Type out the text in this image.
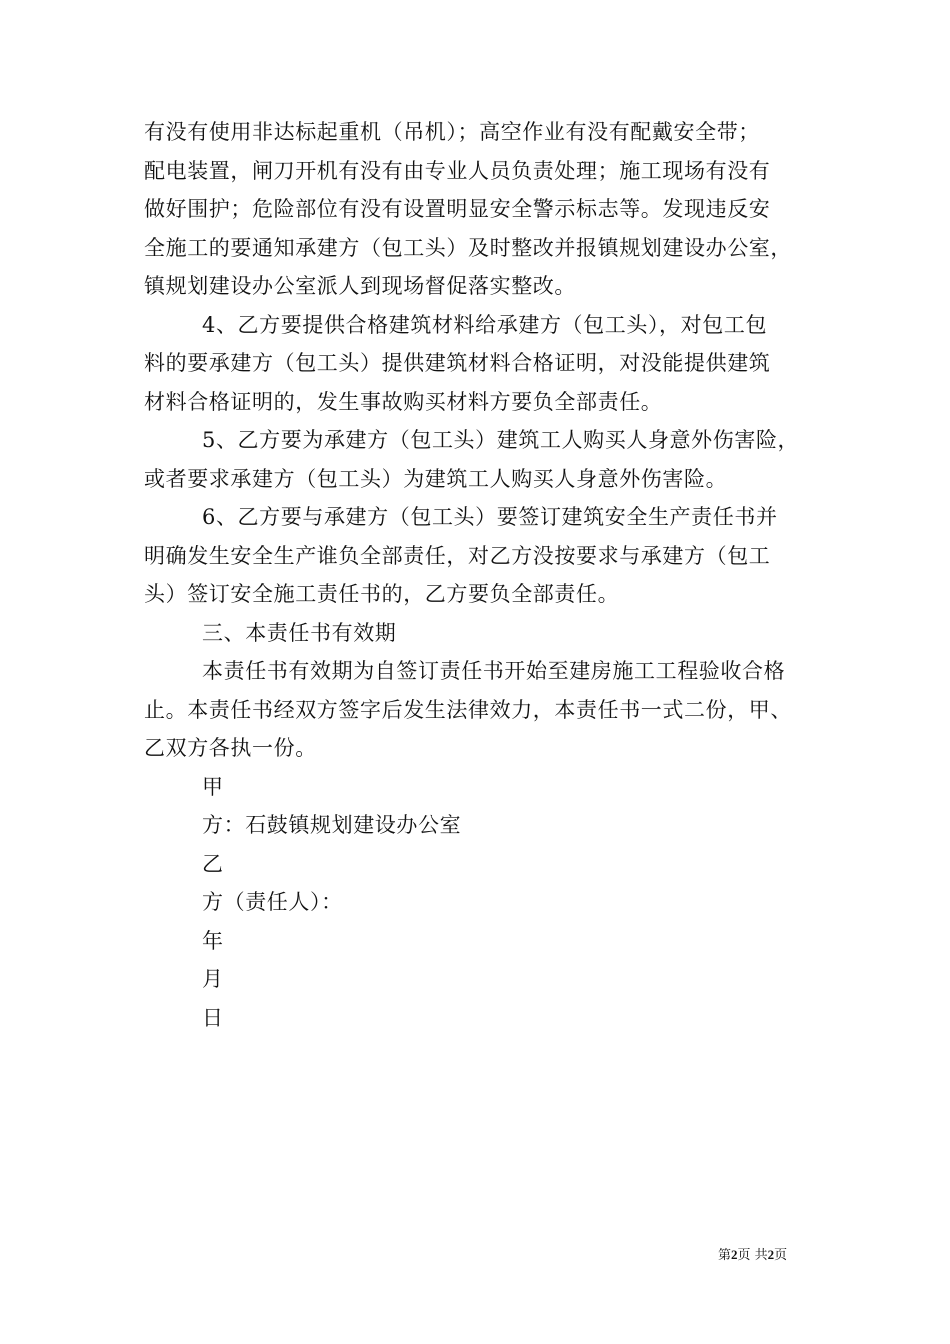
有没有使用非达标起重机（吊机）；高空作业有没有配戴安全带；
配电装置，闸刀开机有没有由专业人员负责处理；施工现场有没有
做好围护；危险部位有没有设置明显安全警示标志等。发现违反安
全施工的要通知承建方（包工头）及时整改并报镇规划建设办公室，
镇规划建设办公室派人到现场督促落实整改。
4、乙方要提供合格建筑材料给承建方（包工头），对包工包
料的要承建方（包工头）提供建筑材料合格证明，对没能提供建筑
材料合格证明的，发生事故购买材料方要负全部责任。
5、乙方要为承建方（包工头）建筑工人购买人身意外伤害险，
或者要求承建方（包工头）为建筑工人购买人身意外伤害险。
6、乙方要与承建方（包工头）要签订建筑安全生产责任书并
明确发生安全生产谁负全部责任，对乙方没按要求与承建方（包工
头）签订安全施工责任书的，乙方要负全部责任。
三、本责任书有效期
本责任书有效期为自签订责任书开始至建房施工工程验收合格
止。本责任书经双方签字后发生法律效力，本责任书一式二份，甲、
乙双方各执一份。
甲
方：石鼓镇规划建设办公室
乙
方（责任人）：
年
月
日
第2页 共2页
